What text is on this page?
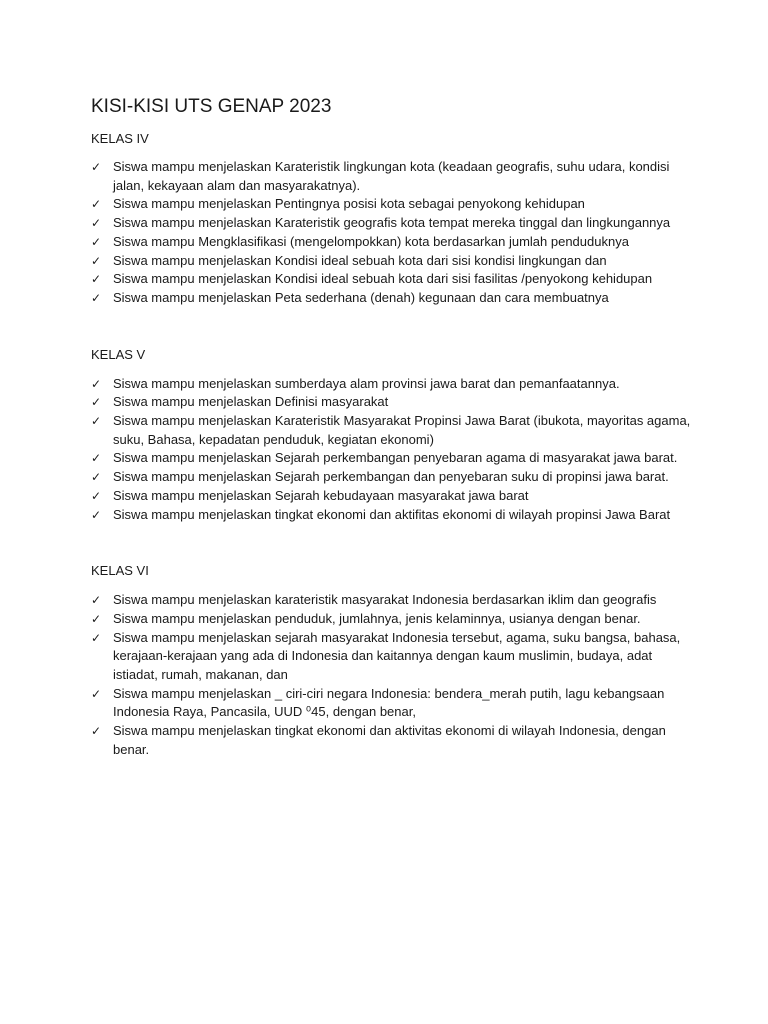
KISI-KISI UTS GENAP 2023

KELAS IV

✓ Siswa mampu menjelaskan Karateristik lingkungan kota (keadaan geografis, suhu udara, kondisi jalan, kekayaan alam dan masyarakatnya).
✓ Siswa mampu menjelaskan Pentingnya posisi kota sebagai penyokong kehidupan
✓ Siswa mampu menjelaskan Karateristik geografis kota tempat mereka tinggal dan lingkungannya
✓ Siswa mampu Mengklasifikasi (mengelompokkan) kota berdasarkan jumlah penduduknya
✓ Siswa mampu menjelaskan Kondisi ideal sebuah kota dari sisi kondisi lingkungan dan
✓ Siswa mampu menjelaskan Kondisi ideal sebuah kota dari sisi fasilitas /penyokong kehidupan
✓ Siswa mampu menjelaskan Peta sederhana (denah) kegunaan dan cara membuatnya

KELAS V

✓ Siswa mampu menjelaskan sumberdaya alam provinsi jawa barat dan pemanfaatannya.
✓ Siswa mampu menjelaskan Definisi masyarakat
✓ Siswa mampu menjelaskan Karateristik Masyarakat Propinsi Jawa Barat (ibukota, mayoritas agama, suku, Bahasa, kepadatan penduduk, kegiatan ekonomi)
✓ Siswa mampu menjelaskan Sejarah perkembangan penyebaran agama di masyarakat jawa barat.
✓ Siswa mampu menjelaskan Sejarah perkembangan dan penyebaran suku di propinsi jawa barat.
✓ Siswa mampu menjelaskan Sejarah kebudayaan masyarakat jawa barat
✓ Siswa mampu menjelaskan tingkat ekonomi dan aktifitas ekonomi di wilayah propinsi Jawa Barat

KELAS VI

✓ Siswa mampu menjelaskan karateristik masyarakat Indonesia berdasarkan iklim dan geografis
✓ Siswa mampu menjelaskan penduduk, jumlahnya, jenis kelaminnya, usianya dengan benar.
✓ Siswa mampu menjelaskan sejarah masyarakat Indonesia tersebut, agama, suku bangsa, bahasa, kerajaan-kerajaan yang ada di Indonesia dan kaitannya dengan kaum muslimin, budaya, adat istiadat, rumah, makanan, dan
✓ Siswa mampu menjelaskan _ ciri-ciri negara Indonesia: bendera_merah putih, lagu kebangsaan Indonesia Raya, Pancasila, UUD ⁰45, dengan benar,
✓ Siswa mampu menjelaskan tingkat ekonomi dan aktivitas ekonomi di wilayah Indonesia, dengan benar.
